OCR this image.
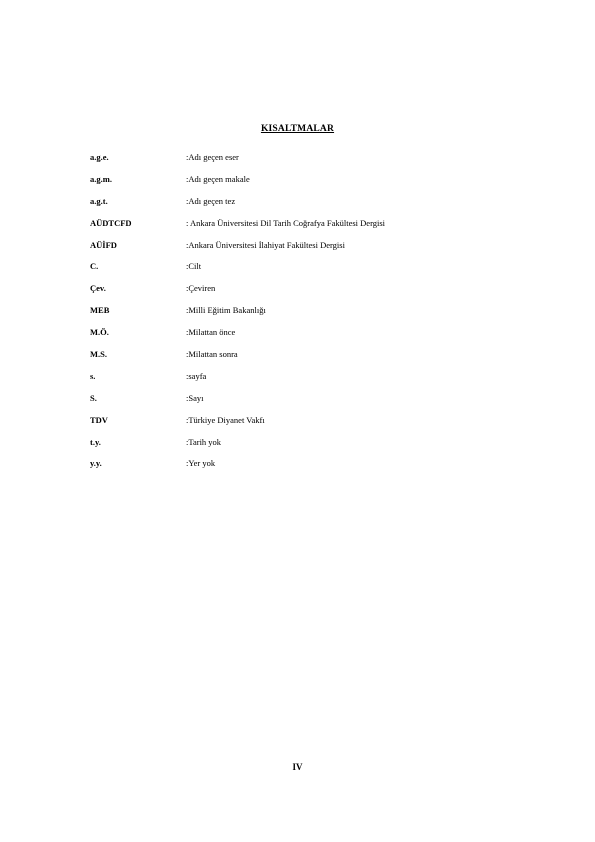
KISALTMALAR
a.g.e.	:Adı geçen eser
a.g.m.	:Adı geçen makale
a.g.t.	:Adı geçen tez
AÜDTCFD	: Ankara Üniversitesi Dil Tarih Coğrafya Fakültesi Dergisi
AÜİFD	:Ankara Üniversitesi İlahiyat Fakültesi Dergisi
C.	:Cilt
Çev.	:Çeviren
MEB	:Milli Eğitim Bakanlığı
M.Ö.	:Milattan önce
M.S.	:Milattan sonra
s.	:sayfa
S.	:Sayı
TDV	:Türkiye Diyanet Vakfı
t.y.	:Tarih yok
y.y.	:Yer yok
IV
